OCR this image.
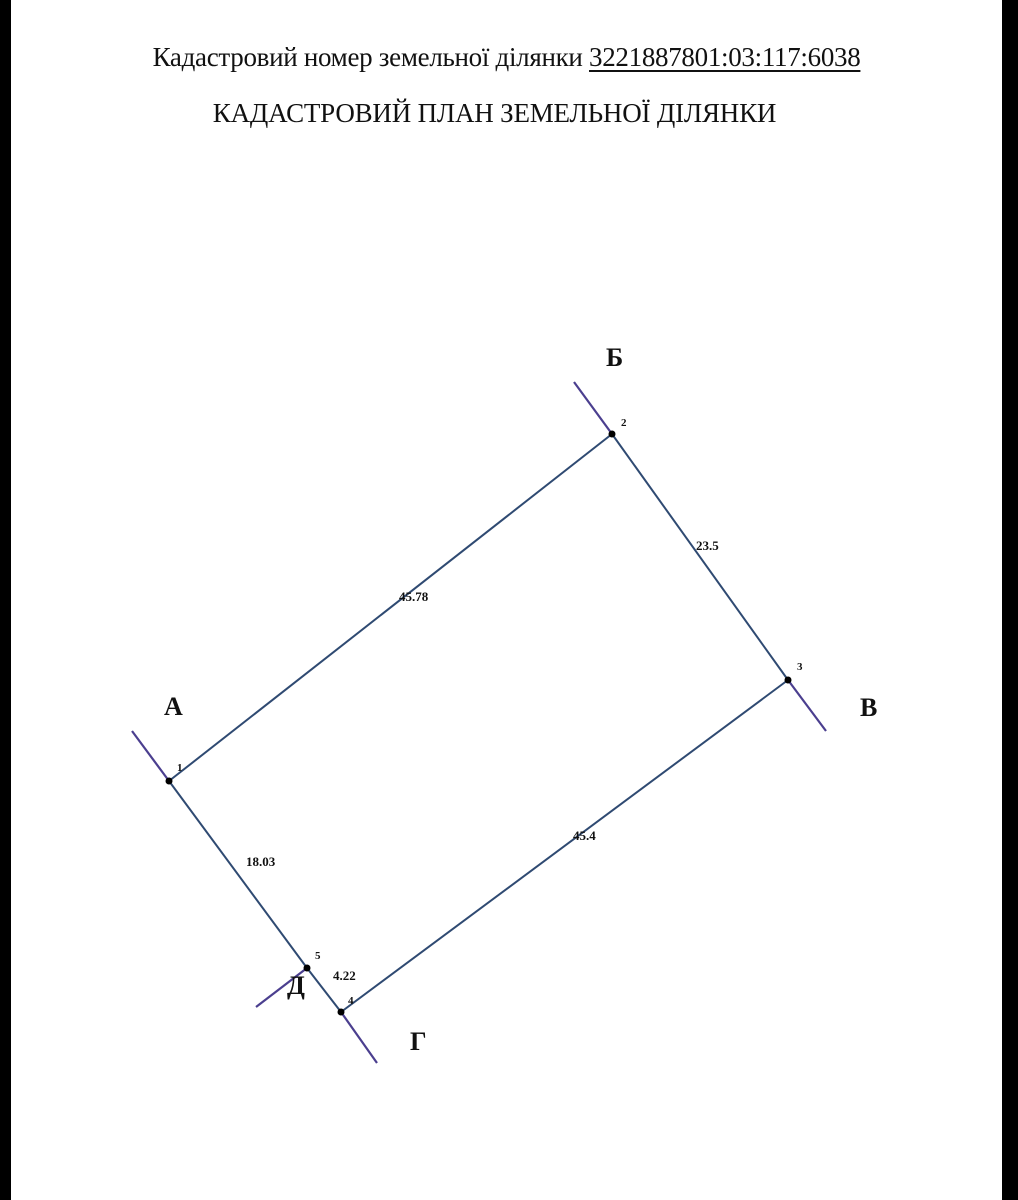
Кадастровий номер земельної ділянки 3221887801:03:117:6038
КАДАСТРОВИЙ ПЛАН ЗЕМЕЛЬНОЇ ДІЛЯНКИ
1
2
3
4
5
45.78
23.5
45.4
4.22
18.03
А
Б
В
Г
Д
